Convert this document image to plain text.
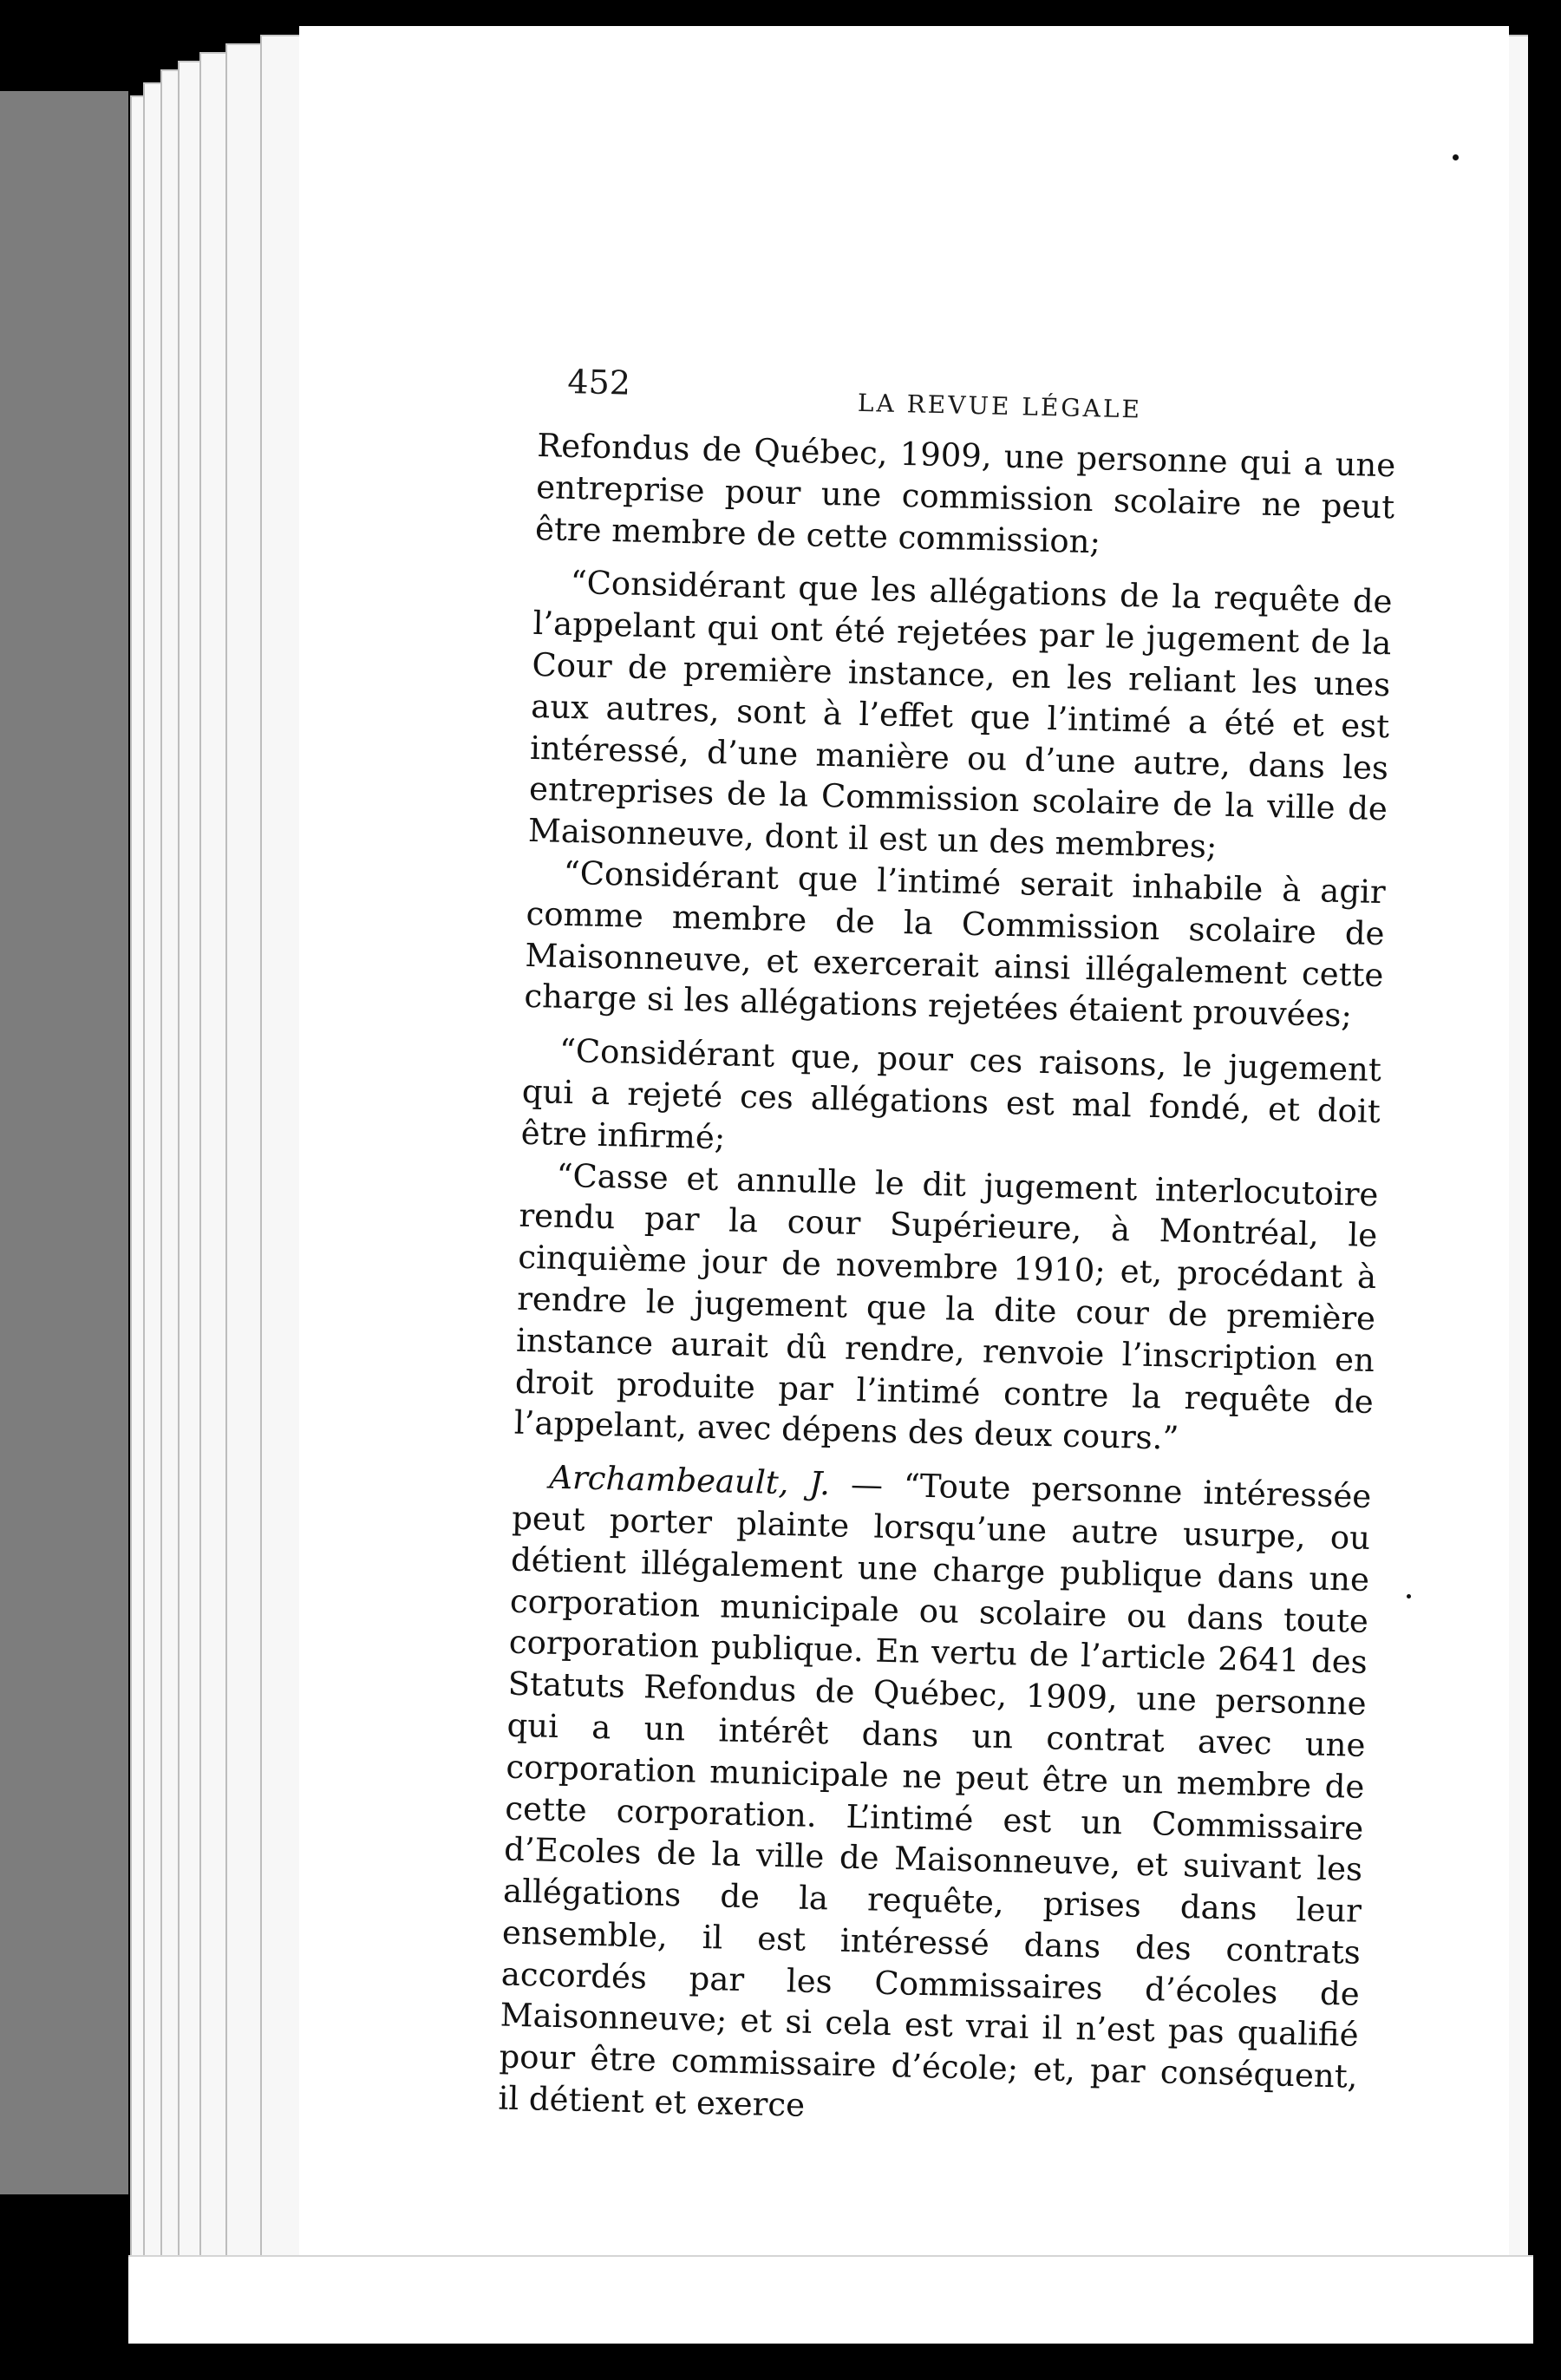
452
LA REVUE LÉGALE

Refondus de Québec, 1909, une personne qui a une entreprise pour une commission scolaire ne peut être membre de cette commission;

“Considérant que les allégations de la requête de l’appelant qui ont été rejetées par le jugement de la Cour de première instance, en les reliant les unes aux autres, sont à l’effet que l’intimé a été et est intéressé, d’une manière ou d’une autre, dans les entreprises de la Commission scolaire de la ville de Maisonneuve, dont il est un des membres;

“Considérant que l’intimé serait inhabile à agir comme membre de la Commission scolaire de Maisonneuve, et exercerait ainsi illégalement cette charge si les allégations rejetées étaient prouvées;

“Considérant que, pour ces raisons, le jugement qui a rejeté ces allégations est mal fondé, et doit être infirmé;

“Casse et annulle le dit jugement interlocutoire rendu par la cour Supérieure, à Montréal, le cinquième jour de novembre 1910; et, procédant à rendre le jugement que la dite cour de première instance aurait dû rendre, renvoie l’inscription en droit produite par l’intimé contre la requête de l’appelant, avec dépens des deux cours.”

Archambeault, J. — “Toute personne intéressée peut porter plainte lorsqu’une autre usurpe, ou détient illégalement une charge publique dans une corporation municipale ou scolaire ou dans toute corporation publique. En vertu de l’article 2641 des Statuts Refondus de Québec, 1909, une personne qui a un intérêt dans un contrat avec une corporation municipale ne peut être un membre de cette corporation. L’intimé est un Commissaire d’Ecoles de la ville de Maisonneuve, et suivant les allégations de la requête, prises dans leur ensemble, il est intéressé dans des contrats accordés par les Commissaires d’écoles de Maisonneuve; et si cela est vrai il n’est pas qualifié pour être commissaire d’école; et, par conséquent, il détient et exerce
